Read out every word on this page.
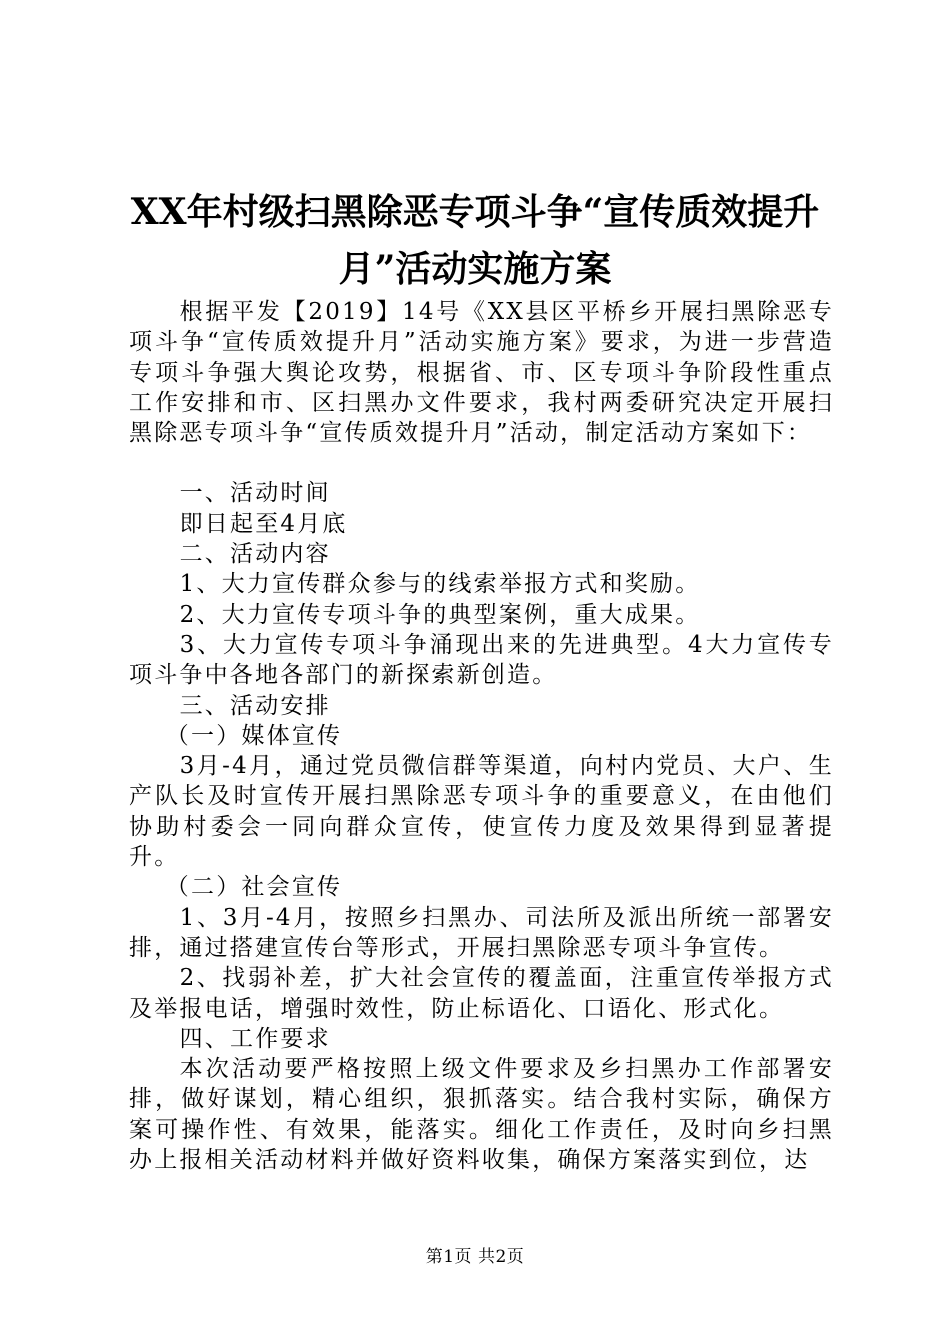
XX年村级扫黑除恶专项斗争“宣传质效提升
月”活动实施方案

根据平发【2019】14号《XX县区平桥乡开展扫黑除恶专项斗争“宣传质效提升月”活动实施方案》要求，为进一步营造专项斗争强大舆论攻势，根据省、市、区专项斗争阶段性重点工作安排和市、区扫黑办文件要求，我村两委研究决定开展扫黑除恶专项斗争“宣传质效提升月”活动，制定活动方案如下：

一、活动时间

即日起至4月底

二、活动内容

1、大力宣传群众参与的线索举报方式和奖励。

2、大力宣传专项斗争的典型案例，重大成果。

3、大力宣传专项斗争涌现出来的先进典型。4大力宣传专项斗争中各地各部门的新探索新创造。

三、活动安排

（一）媒体宣传

3月-4月，通过党员微信群等渠道，向村内党员、大户、生产队长及时宣传开展扫黑除恶专项斗争的重要意义，在由他们协助村委会一同向群众宣传，使宣传力度及效果得到显著提升。

（二）社会宣传

1、3月-4月，按照乡扫黑办、司法所及派出所统一部署安排，通过搭建宣传台等形式，开展扫黑除恶专项斗争宣传。

2、找弱补差，扩大社会宣传的覆盖面，注重宣传举报方式及举报电话，增强时效性，防止标语化、口语化、形式化。

四、工作要求

本次活动要严格按照上级文件要求及乡扫黑办工作部署安排，做好谋划，精心组织，狠抓落实。结合我村实际，确保方案可操作性、有效果，能落实。细化工作责任，及时向乡扫黑办上报相关活动材料并做好资料收集，确保方案落实到位，达

第1页 共2页
